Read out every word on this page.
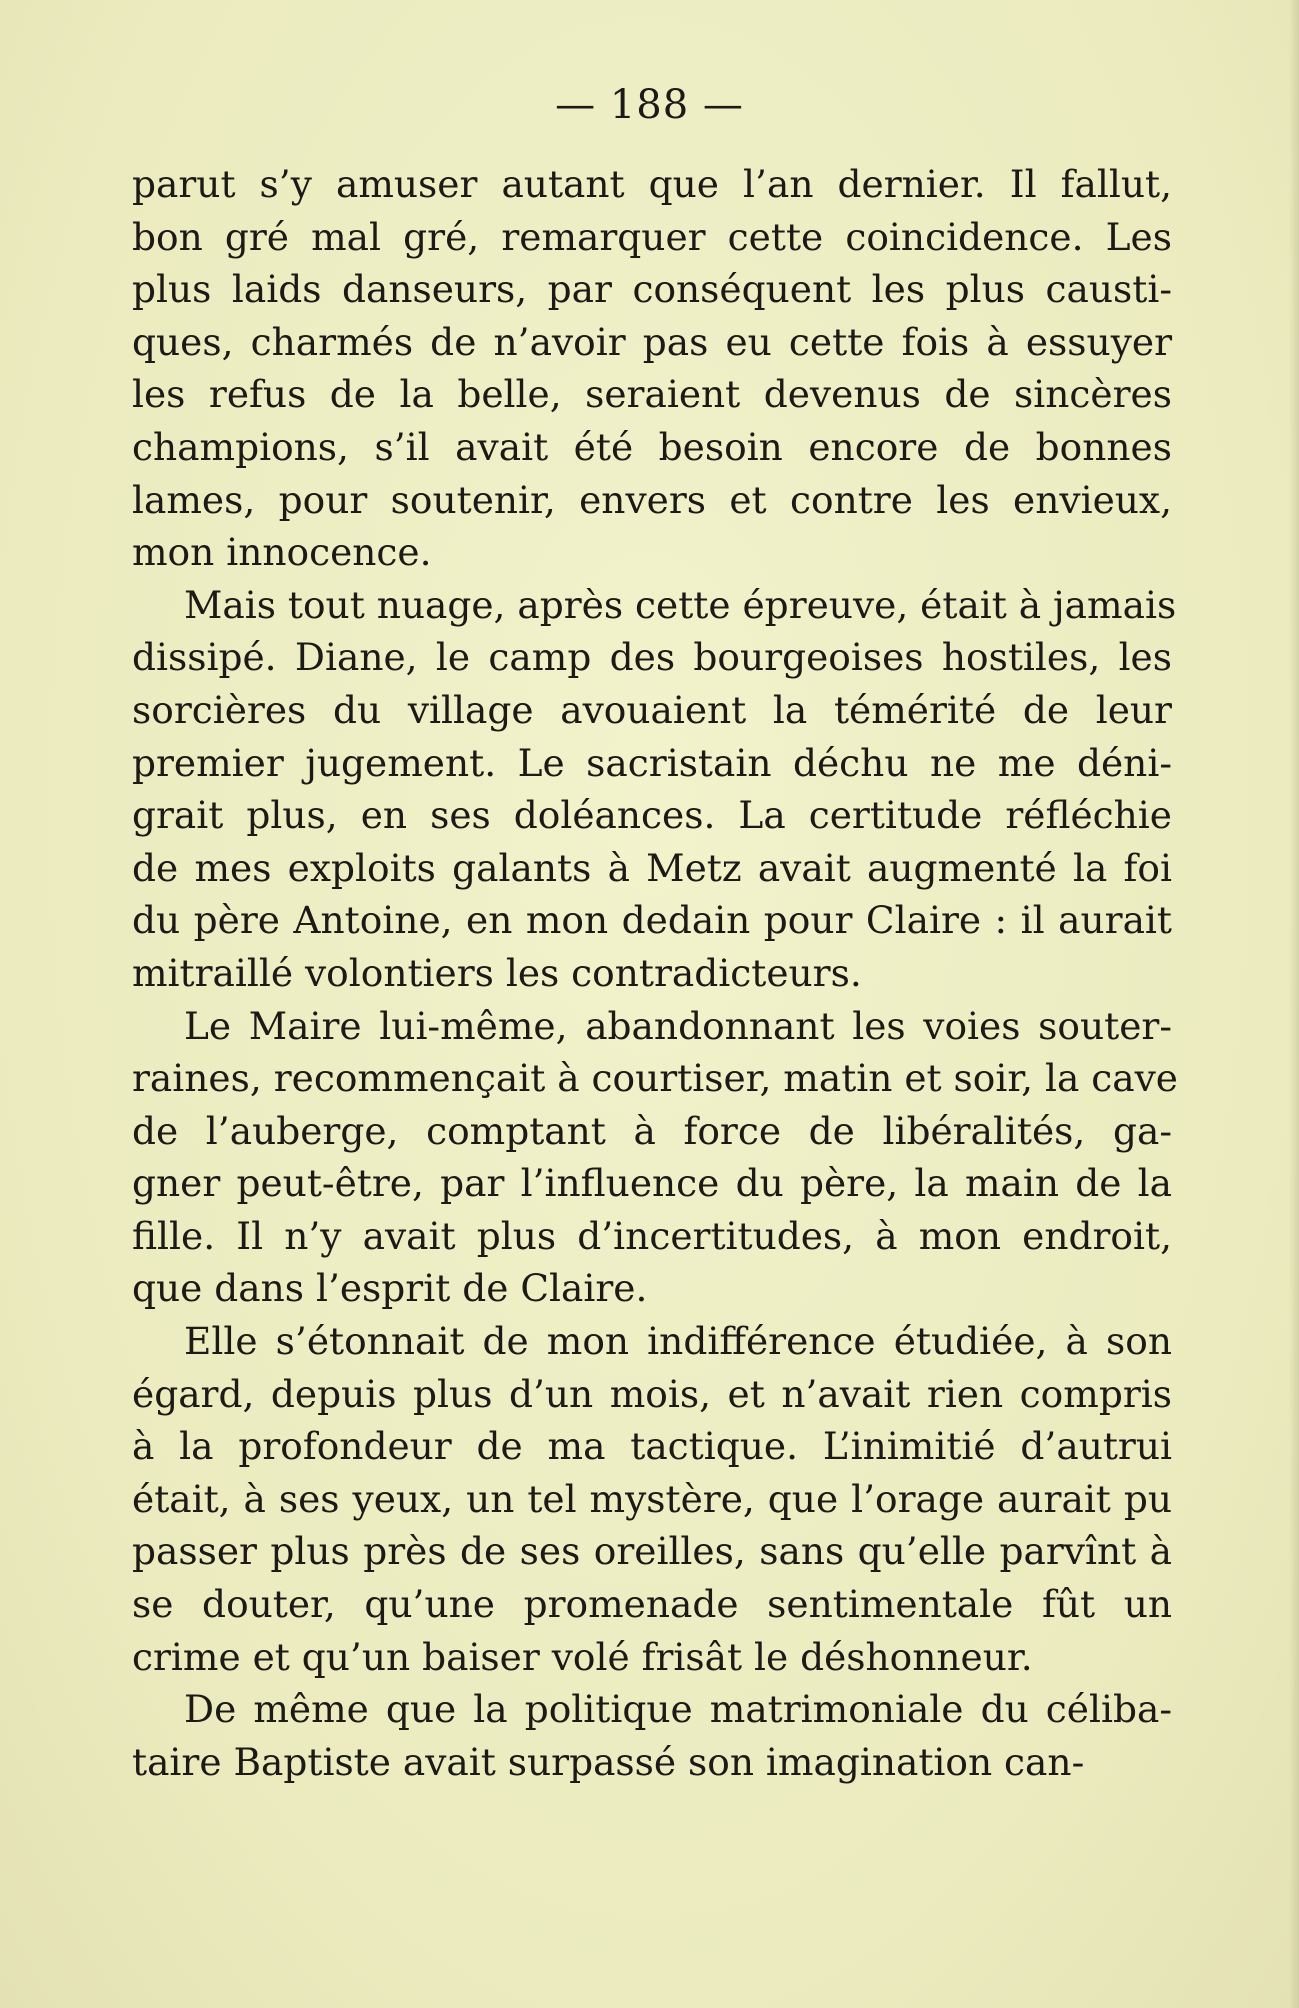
— 188 —
parut s’y amuser autant que l’an dernier. Il fallut,
bon gré mal gré, remarquer cette coincidence. Les
plus laids danseurs, par conséquent les plus causti-
ques, charmés de n’avoir pas eu cette fois à essuyer
les refus de la belle, seraient devenus de sincères
champions, s’il avait été besoin encore de bonnes
lames, pour soutenir, envers et contre les envieux,
mon innocence.
Mais tout nuage, après cette épreuve, était à jamais
dissipé. Diane, le camp des bourgeoises hostiles, les
sorcières du village avouaient la témérité de leur
premier jugement. Le sacristain déchu ne me déni-
grait plus, en ses doléances. La certitude réfléchie
de mes exploits galants à Metz avait augmenté la foi
du père Antoine, en mon dedain pour Claire : il aurait
mitraillé volontiers les contradicteurs.
Le Maire lui-même, abandonnant les voies souter-
raines, recommençait à courtiser, matin et soir, la cave
de l’auberge, comptant à force de libéralités, ga-
gner peut-être, par l’influence du père, la main de la
fille. Il n’y avait plus d’incertitudes, à mon endroit,
que dans l’esprit de Claire.
Elle s’étonnait de mon indifférence étudiée, à son
égard, depuis plus d’un mois, et n’avait rien compris
à la profondeur de ma tactique. L’inimitié d’autrui
était, à ses yeux, un tel mystère, que l’orage aurait pu
passer plus près de ses oreilles, sans qu’elle parvînt à
se douter, qu’une promenade sentimentale fût un
crime et qu’un baiser volé frisât le déshonneur.
De même que la politique matrimoniale du céliba-
taire Baptiste avait surpassé son imagination can-
